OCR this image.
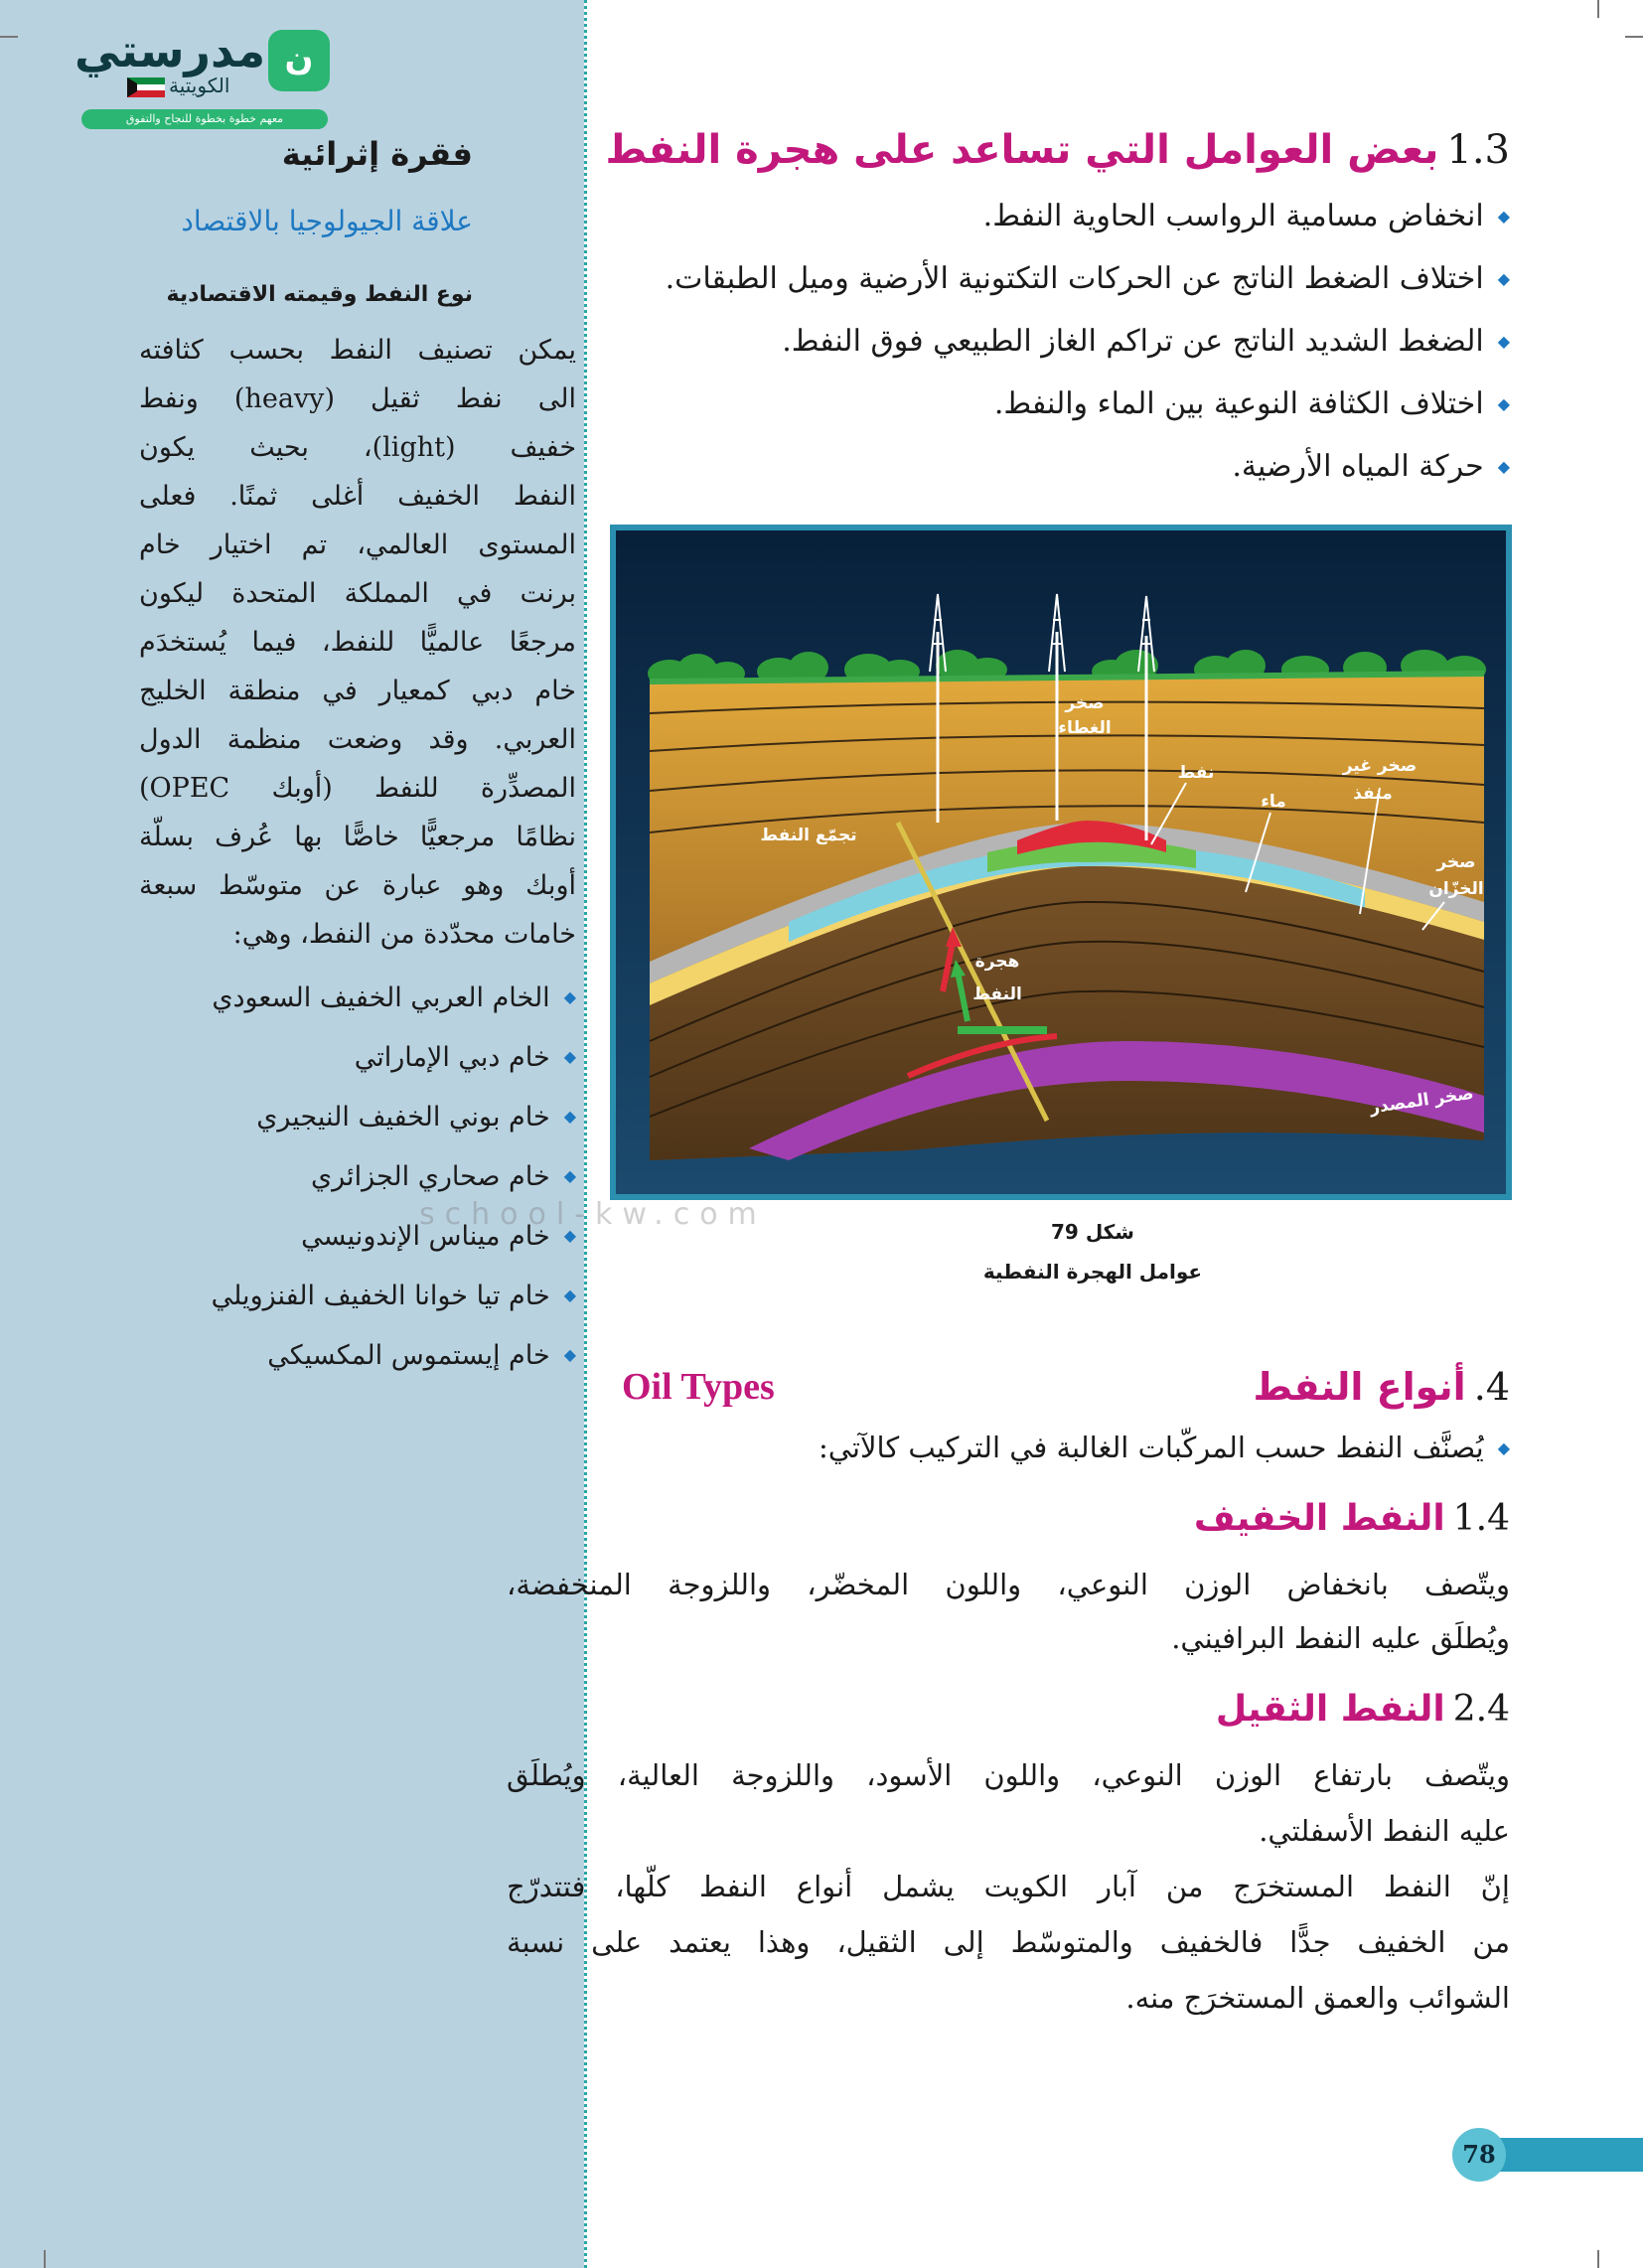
مدرستي ن
الكويتية
معهم خطوة بخطوة للنجاح والتفوق
فقرة إثرائية
علاقة الجيولوجيا بالاقتصاد
نوع النفط وقيمته الاقتصادية
يمكن تصنيف النفط بحسب كثافته
الى نفط ثقيل (heavy) ونفط
خفيف (light)، بحيث يكون
النفط الخفيف أغلى ثمنًا. فعلى
المستوى العالمي، تم اختيار خام
برنت في المملكة المتحدة ليكون
مرجعًا عالميًّا للنفط، فيما يُستخدَم
خام دبي كمعيار في منطقة الخليج
العربي. وقد وضعت منظمة الدول
المصدِّرة للنفط (أوبك OPEC)
نظامًا مرجعيًّا خاصًّا بها عُرف بسلّة
أوبك وهو عبارة عن متوسّط سبعة
خامات محدّدة من النفط، وهي:
◆ الخام العربي الخفيف السعودي
◆ خام دبي الإماراتي
◆ خام بوني الخفيف النيجيري
◆ خام صحاري الجزائري
◆ خام ميناس الإندونيسي
◆ خام تيا خوانا الخفيف الفنزويلي
◆ خام إيستموس المكسيكي
1.3بعض العوامل التي تساعد على هجرة النفط
◆ انخفاض مسامية الرواسب الحاوية النفط.
◆ اختلاف الضغط الناتج عن الحركات التكتونية الأرضية وميل الطبقات.
◆ الضغط الشديد الناتج عن تراكم الغاز الطبيعي فوق النفط.
◆ اختلاف الكثافة النوعية بين الماء والنفط.
◆ حركة المياه الأرضية.
صخر
الغطاء
نفط
ماء
صخر غير
منفذ
صخر
الخزّان
تجمّع النفط
هجرة
النفط
صخر المصدر
school-kw.com	شكل 79
عوامل الهجرة النفطية
4.أنواع النفط
Oil Types
◆ يُصنَّف النفط حسب المركّبات الغالبة في التركيب كالآتي:
1.4النفط الخفيف
ويتّصف بانخفاض الوزن النوعي، واللون المخضّر، واللزوجة المنخفضة،
ويُطلَق عليه النفط البرافيني.
2.4النفط الثقيل
ويتّصف بارتفاع الوزن النوعي، واللون الأسود، واللزوجة العالية، ويُطلَق
عليه النفط الأسفلتي.
إنّ النفط المستخرَج من آبار الكويت يشمل أنواع النفط كلّها، فتتدرّج
من الخفيف جدًّا فالخفيف والمتوسّط إلى الثقيل، وهذا يعتمد على نسبة
الشوائب والعمق المستخرَج منه.
78
